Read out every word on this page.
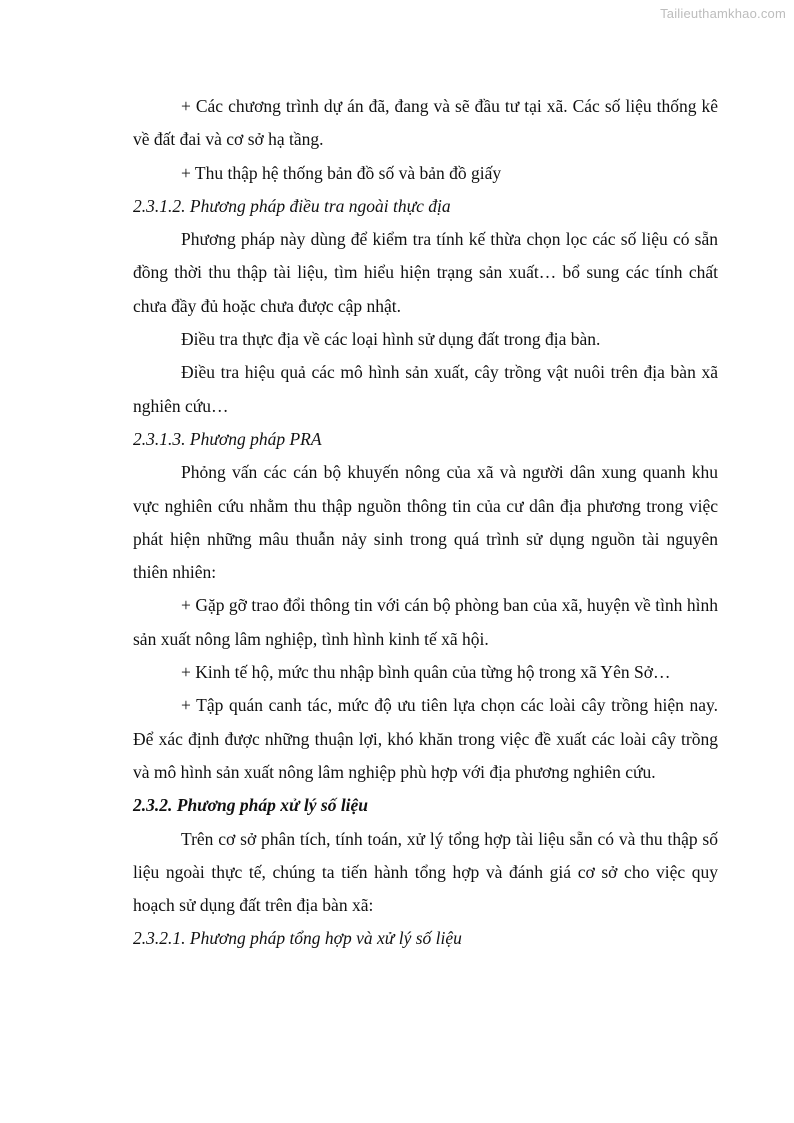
Tailieuthamkhao.com

+ Các chương trình dự án đã, đang và sẽ đầu tư tại xã. Các số liệu thống kê về đất đai và cơ sở hạ tầng.

+ Thu thập hệ thống bản đồ số và bản đồ giấy

2.3.1.2. Phương pháp điều tra ngoài thực địa

Phương pháp này dùng để kiểm tra tính kế thừa chọn lọc các số liệu có sẵn đồng thời thu thập tài liệu, tìm hiểu hiện trạng sản xuất… bổ sung các tính chất chưa đầy đủ hoặc chưa được cập nhật.

Điều tra thực địa về các loại hình sử dụng đất trong địa bàn.

Điều tra hiệu quả các mô hình sản xuất, cây trồng vật nuôi trên địa bàn xã nghiên cứu…

2.3.1.3. Phương pháp PRA

Phỏng vấn các cán bộ khuyến nông của xã và người dân xung quanh khu vực nghiên cứu nhằm thu thập nguồn thông tin của cư dân địa phương trong việc phát hiện những mâu thuẫn nảy sinh trong quá trình sử dụng nguồn tài nguyên thiên nhiên:

+ Gặp gỡ trao đổi thông tin với cán bộ phòng ban của xã, huyện về tình hình sản xuất nông lâm nghiệp, tình hình kinh tế xã hội.

+ Kinh tế hộ, mức thu nhập bình quân của từng hộ trong xã Yên Sở…

+ Tập quán canh tác, mức độ ưu tiên lựa chọn các loài cây trồng hiện nay. Để xác định được những thuận lợi, khó khăn trong việc đề xuất các loài cây trồng và mô hình sản xuất nông lâm nghiệp phù hợp với địa phương nghiên cứu.

2.3.2. Phương pháp xử lý số liệu

Trên cơ sở phân tích, tính toán, xử lý tổng hợp tài liệu sẵn có và thu thập số liệu ngoài thực tế, chúng ta tiến hành tổng hợp và đánh giá cơ sở cho việc quy hoạch sử dụng đất trên địa bàn xã:

2.3.2.1. Phương pháp tổng hợp và xử lý số liệu
